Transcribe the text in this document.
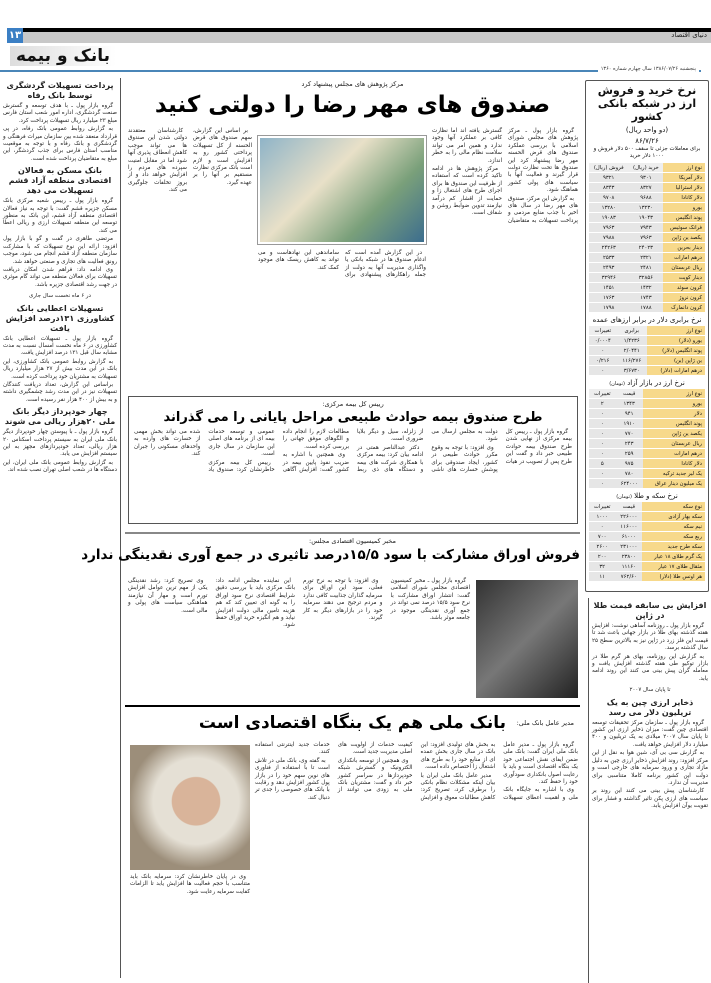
۱۳	دنیای اقتصاد
بانک و بیمه
پنجشنبه ۱۳۸۶/۰۷/۲۶ سال چهارم شماره ۱۳۶۰
پرداخت تسهیلات گردشگری توسط بانک رفاه

گروه بازار پول ـ با هدف توسعه و گسترش صنعت گردشگری، اداره امور شعب استان فارس مبلغ ۲۳ میلیارد ریال تسهیلات پرداخت کرد.

به گزارش روابط عمومی بانک رفاه، در پی قرارداد منعقد شده بین سازمان میراث فرهنگی و گردشگری و بانک رفاه و با توجه به موقعیت مناسب استان فارس برای جذب گردشگر، این مبلغ به متقاضیان پرداخت شده است.

بانک مسکن به فعالان اقتصادی منطقه آزاد قشم تسهیلات می دهد

گروه بازار پول ـ رییس شعبه مرکزی بانک مسکن جزیره قشم گفت: با توجه به نیاز فعالان اقتصادی منطقه آزاد قشم، این بانک به منظور توسعه این منطقه تسهیلات ارزی و ریالی اعطا می کند.

مرتضی طاهری در گفت و گو با بازار پول افزود: ارائه این نوع تسهیلات که با مشارکت سازمان منطقه آزاد قشم انجام می شود، موجب رونق فعالیت های تجاری و صنعتی خواهد شد.

وی ادامه داد: فراهم شدن امکان دریافت تسهیلات برای فعالان منطقه می تواند گام موثری در جهت رشد اقتصادی جزیره باشد.

در ۶ ماه نخست سال جاری
تسهیلات اعطایی بانک کشاورزی ۱۳۱درصد افزایش یافت

گروه بازار پول ـ تسهیلات اعطایی بانک کشاورزی در ۶ ماه نخست امسال نسبت به مدت مشابه سال قبل ۱۳۱ درصد افزایش یافت.

به گزارش روابط عمومی بانک کشاورزی، این بانک در این مدت بیش از ۲۷ هزار میلیارد ریال تسهیلات به مشتریان خود پرداخت کرده است.

براساس این گزارش، تعداد دریافت کنندگان تسهیلات نیز در این مدت رشد چشمگیری داشته و به بیش از ۴۰۰ هزار نفر رسیده است.

چهار خودپرداز دیگر بانک ملی ۲۰هزار ریالی می شوند

گروه بازار پول ـ با پیوستن چهار خودپرداز دیگر بانک ملی ایران به سیستم پرداخت اسکناس ۲۰ هزار ریالی، تعداد خودپردازهای مجهز به این سیستم افزایش می یابد.

به گزارش روابط عمومی بانک ملی ایران، این دستگاه ها در شعب اصلی تهران نصب شده اند.

مرکز پژوهش های مجلس پیشنهاد کرد
صندوق های مهر رضا را دولتی کنید

گروه بازار پول ـ مرکز پژوهش های مجلس شورای اسلامی با بررسی عملکرد صندوق های قرض الحسنه مهر رضا پیشنهاد کرد این صندوق ها تحت نظارت دولت قرار گیرند و فعالیت آنها با سیاست های پولی کشور هماهنگ شود.

به گزارش این مرکز، صندوق های مهر رضا در سال های اخیر با جذب منابع مردمی و پرداخت تسهیلات به متقاضیان گسترش یافته اند اما نظارت کافی بر عملکرد آنها وجود ندارد و همین امر می تواند سلامت نظام مالی را به خطر اندازد.

مرکز پژوهش ها در ادامه تاکید کرده است که استفاده از ظرفیت این صندوق ها برای اجرای طرح های اشتغال زا و حمایت از اقشار کم درآمد نیازمند تدوین ضوابط روشن و شفاف است.

در این گزارش آمده است که ادغام صندوق ها در شبکه بانکی یا واگذاری مدیریت آنها به دولت از جمله راهکارهای پیشنهادی برای ساماندهی این نهادهاست و می تواند به کاهش ریسک های موجود کمک کند.

بر اساس این گزارش، سهم صندوق های قرض الحسنه از کل تسهیلات پرداختی کشور رو به افزایش است و لازم است بانک مرکزی نظارت مستقیم بر آنها را بر عهده گیرد.

کارشناسان معتقدند دولتی شدن این صندوق ها می تواند موجب کاهش انعطاف پذیری آنها شود اما در مقابل امنیت سپرده های مردم را افزایش خواهد داد و از بروز تخلفات جلوگیری می کند.

رییس کل بیمه مرکزی:
طرح صندوق بیمه حوادث طبیعی مراحل پایانی را می گذراند

گروه بازار پول ـ رییس کل بیمه مرکزی از نهایی شدن طرح صندوق بیمه حوادث طبیعی خبر داد و گفت این طرح پس از تصویب در هیات دولت به مجلس ارسال می شود.

وی افزود: با توجه به وقوع مکرر حوادث طبیعی در کشور، ایجاد صندوقی برای پوشش خسارت های ناشی از زلزله، سیل و دیگر بلایا ضروری است.

دکتر عبدالناصر همتی در ادامه بیان کرد: بیمه مرکزی با همکاری شرکت های بیمه و دستگاه های ذی ربط مطالعات لازم را انجام داده و الگوهای موفق جهانی را بررسی کرده است.

وی همچنین با اشاره به ضریب نفوذ پایین بیمه در کشور گفت: افزایش آگاهی عمومی و توسعه خدمات بیمه ای از برنامه های اصلی این سازمان در سال جاری است.

رییس کل بیمه مرکزی خاطرنشان کرد: صندوق یاد شده می تواند بخش مهمی از خسارت های وارده به واحدهای مسکونی را جبران کند.

مخبر کمیسیون اقتصادی مجلس:
فروش اوراق مشارکت با سود ۱۵/۵درصد تاثیری در جمع آوری نقدینگی ندارد

گروه بازار پول ـ مخبر کمیسیون اقتصادی مجلس شورای اسلامی گفت: انتشار اوراق مشارکت با نرخ سود ۱۵/۵ درصد نمی تواند در جمع آوری نقدینگی موجود در جامعه موثر باشد.

وی افزود: با توجه به نرخ تورم فعلی، سود این اوراق برای سرمایه گذاران جذابیت کافی ندارد و مردم ترجیح می دهند سرمایه خود را در بازارهای دیگر به کار گیرند.

این نماینده مجلس ادامه داد: بانک مرکزی باید با بررسی دقیق شرایط اقتصادی نرخ سود اوراق را به گونه ای تعیین کند که هم هزینه تامین مالی دولت افزایش نیابد و هم انگیزه خرید اوراق حفظ شود.

وی تصریح کرد: رشد نقدینگی یکی از مهم ترین عوامل افزایش تورم است و مهار آن نیازمند هماهنگی سیاست های پولی و مالی است.

مدیر عامل بانک ملی:
بانک ملی هم یک بنگاه اقتصادی است

گروه بازار پول ـ مدیر عامل بانک ملی ایران گفت: بانک ملی ضمن ایفای نقش اجتماعی خود یک بنگاه اقتصادی است و باید با رعایت اصول بانکداری سودآوری خود را حفظ کند.

وی با اشاره به جایگاه بانک ملی و اهمیت اعطای تسهیلات به بخش های تولیدی افزود: این بانک در سال جاری بخش عمده ای از منابع خود را به طرح های اشتغال زا اختصاص داده است.

مدیر عامل بانک ملی ایران با بیان اینکه مشکلات نظام بانکی را برطرف کرد، تصریح کرد: کاهش مطالبات معوق و افزایش کیفیت خدمات از اولویت های اصلی مدیریت جدید است.

وی همچنین از توسعه بانکداری الکترونیک و گسترش شبکه خودپردازها در سراسر کشور خبر داد و گفت: مشتریان بانک ملی به زودی می توانند از خدمات جدید اینترنتی استفاده کنند.

به گفته وی، بانک ملی در تلاش است تا با استفاده از فناوری های نوین سهم خود را در بازار پول کشور افزایش دهد و رقابت با بانک های خصوصی را جدی تر دنبال کند.

وی در پایان خاطرنشان کرد: سرمایه بانک باید متناسب با حجم فعالیت ها افزایش یابد تا الزامات کفایت سرمایه رعایت شود.

نرخ خرید و فروش ارز در شبکه بانکی کشور
(دو واحد ریال)
۸۶/۷/۲۶
برای معاملات جزئی تا سقف ۵۰۰ دلار فروش و ۱۰۰۰ دلار خرید
نوع ارز	خرید (ریال)	فروش (ریال)
دلار آمریکا	۹۳۰۱	۹۳۲۱
دلار استرالیا	۸۳۲۷	۸۳۴۳
دلار کانادا	۹۶۸۸	۹۷۰۸
یورو	۱۳۲۳۰	۱۳۲۸۰
پوند انگلیس	۱۹۰۴۳	۱۹۰۸۳
فرانک سوئیس	۷۹۴۳	۷۹۶۳
یکصد ین ژاپن	۷۹۶۳	۷۹۸۸
دینار بحرین	۲۴۰۲۳	۲۴۲۶۳
درهم امارات	۲۳۲۱	۲۵۳۳
ریال عربستان	۲۴۸۱	۲۴۹۳
دینار کویت	۳۲۸۵۶	۳۲۹۴۶
کرون سوئد	۱۴۳۲	۱۴۵۱
کرون نروژ	۱۷۴۳	۱۷۶۳
کرون دانمارک	۱۷۸۸	۱۷۹۸
نرخ برابری دلار در برابر ارزهای عمده
نوع ارز	برابری	تغییرات
یورو (دلار)	۱/۴۲۳۶	۰/۰۰۰۴
پوند انگلیس (دلار)	۲/۰۴۴۱	۰
ین ژاپن (ین)	۱۱۶/۲۷۶	۰/۲۱۶
درهم امارات (دلار)	۳/۶۷۳۰	۰
نرخ ارز در بازار آزاد (تومان)
نوع ارز	قیمت	تغییرات
یورو	۱۳۴۳	۲
دلار	۹۴۱	۰
پوند انگلیس	۱۹۱۰	۰
یکصد ین ژاپن	۷۷۰	۰
ریال عربستان	۲۴۳	۰
درهم امارات	۲۵۹	۰
دلار کانادا	۹۷۵	۵
یک لیر جدید ترکیه	۷۸۰	۰
یک میلیون دینار عراق	۶۲۴۰۰۰	۰
نرخ سکه و طلا (تومان)
نوع سکه	قیمت	تغییرات
سکه بهار آزادی	۲۲۶۰۰۰	۱۰۰۰
نیم سکه	۱۱۶۰۰۰	۰
ربع سکه	۶۱۰۰۰	۷۰۰
سکه طرح جدید	۲۳۱۰۰۰	۲۶۰۰
یک گرم طلای ۱۸ عیار	۲۳۸۰۰	۲۰۰
مثقال طلای ۱۷ عیار	۱۱۱۶۰	۳۲
هر اونس طلا (دلار)	۷۶۲/۶۰	۱۱
افزایش بی سابقه قیمت طلا در ژاپن

گروه بازار پول ـ روزنامه آساهی نوشت: افزایش هفته گذشته بهای طلا در بازار جهانی باعث شد تا قیمت این فلز زرد در ژاپن نیز به بالاترین سطح ۲۵ سال گذشته برسد.

به گزارش این روزنامه، بهای هر گرم طلا در بازار توکیو طی هفته گذشته افزایش یافت و معامله گران پیش بینی می کنند این روند ادامه یابد.

تا پایان سال ۲۰۰۷
ذخایر ارزی چین به یک تریلیون دلار می رسد

گروه بازار پول ـ سازمان مرکز تحقیقات توسعه اقتصادی چین گفت: میزان ذخایر ارزی این کشور تا پایان سال ۲۰۰۷ میلادی به یک تریلیون و ۴۰۰ میلیارد دلار افزایش خواهد یافت.

به گزارش سی بی آی، شین هوا به نقل از این مرکز افزود: روند افزایش ذخایر ارزی چین به دلیل مازاد تجاری و ورود سرمایه های خارجی است و دولت این کشور برنامه کاملا متناسبی برای مدیریت آن ندارد.

کارشناسان پیش بینی می کنند این روند بر سیاست های ارزی پکن تاثیر گذاشته و فشار برای تقویت یوآن افزایش یابد.
